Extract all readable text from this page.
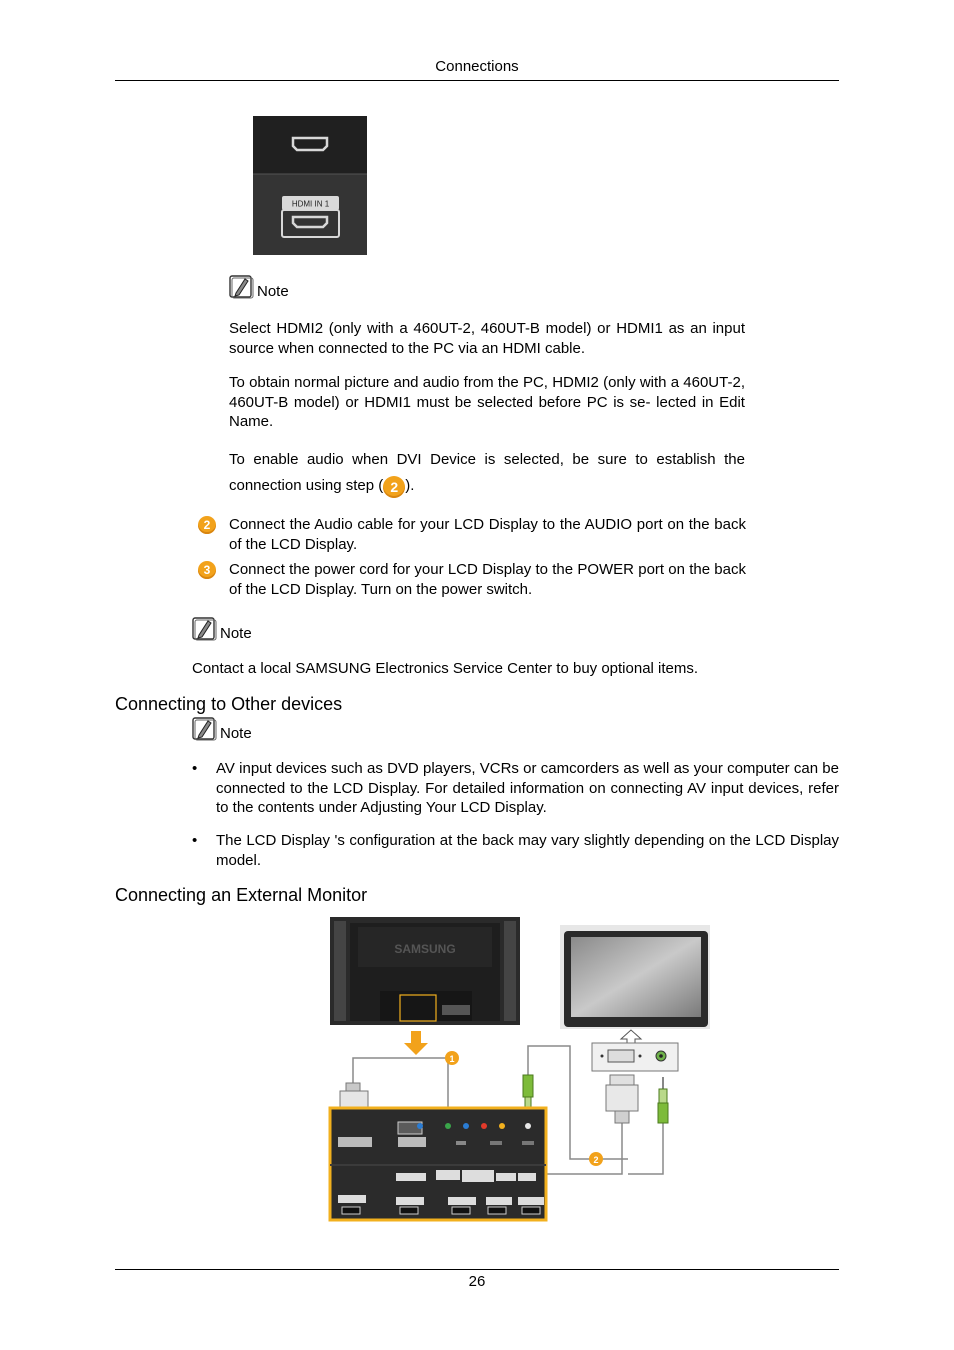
Connections
HDMI IN 1
Note

Select HDMI2 (only with a 460UT-2, 460UT-B model) or HDMI1 as an input source when connected to the PC via an HDMI cable.

To obtain normal picture and audio from the PC, HDMI2 (only with a 460UT-2, 460UT-B model) or HDMI1 must be selected before PC is se- lected in Edit Name.

To enable audio when DVI Device is selected, be sure to establish the connection using step ( 2 ).

2	Connect the Audio cable for your LCD Display to the AUDIO port on the back of the LCD Display.
3	Connect the power cord for your LCD Display to the POWER port on the back of the LCD Display. Turn on the power switch.
Note

Contact a local SAMSUNG Electronics Service Center to buy optional items.

Connecting to Other devices
Note
•	AV input devices such as DVD players, VCRs or camcorders as well as your computer can be connected to the LCD Display. For detailed information on connecting AV input devices, refer to the contents under Adjusting Your LCD Display.
•	The LCD Display 's configuration at the back may vary slightly depending on the LCD Display model.
Connecting an External Monitor
SAMSUNG
1
2
26
